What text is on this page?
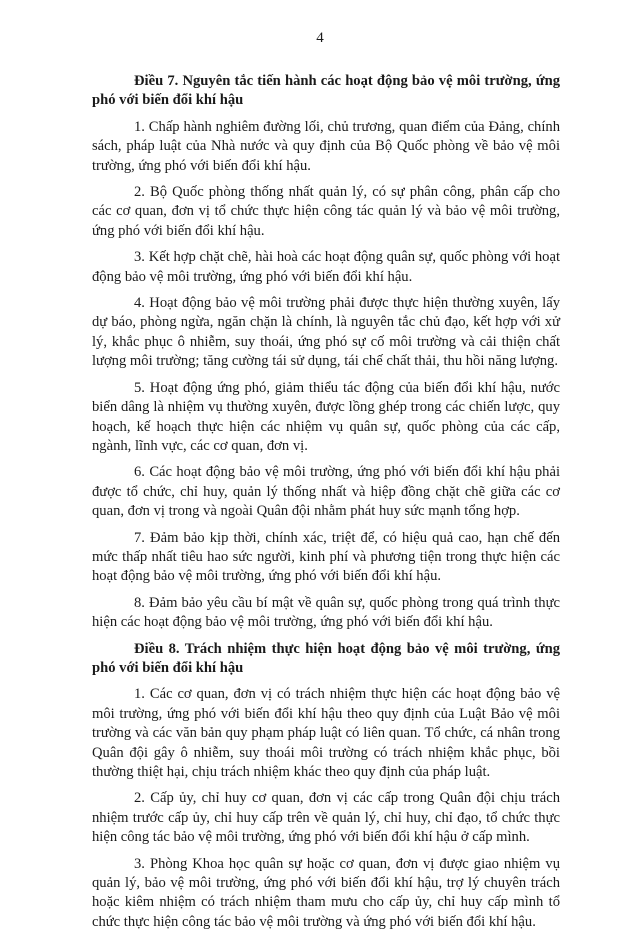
4

Điều 7. Nguyên tắc tiến hành các hoạt động bảo vệ môi trường, ứng phó với biến đổi khí hậu

1. Chấp hành nghiêm đường lối, chủ trương, quan điểm của Đảng, chính sách, pháp luật của Nhà nước và quy định của Bộ Quốc phòng về bảo vệ môi trường, ứng phó với biến đổi khí hậu.

2. Bộ Quốc phòng thống nhất quản lý, có sự phân công, phân cấp cho các cơ quan, đơn vị tổ chức thực hiện công tác quản lý và bảo vệ môi trường, ứng phó với biến đổi khí hậu.

3. Kết hợp chặt chẽ, hài hoà các hoạt động quân sự, quốc phòng với hoạt động bảo vệ môi trường, ứng phó với biến đổi khí hậu.

4. Hoạt động bảo vệ môi trường phải được thực hiện thường xuyên, lấy dự báo, phòng ngừa, ngăn chặn là chính, là nguyên tắc chủ đạo, kết hợp với xử lý, khắc phục ô nhiễm, suy thoái, ứng phó sự cố môi trường và cải thiện chất lượng môi trường; tăng cường tái sử dụng, tái chế chất thải, thu hồi năng lượng.

5. Hoạt động ứng phó, giảm thiểu tác động của biến đổi khí hậu, nước biển dâng là nhiệm vụ thường xuyên, được lồng ghép trong các chiến lược, quy hoạch, kế hoạch thực hiện các nhiệm vụ quân sự, quốc phòng của các cấp, ngành, lĩnh vực, các cơ quan, đơn vị.

6. Các hoạt động bảo vệ môi trường, ứng phó với biến đổi khí hậu phải được tổ chức, chỉ huy, quản lý thống nhất và hiệp đồng chặt chẽ giữa các cơ quan, đơn vị trong và ngoài Quân đội nhằm phát huy sức mạnh tổng hợp.

7. Đảm bảo kịp thời, chính xác, triệt để, có hiệu quả cao, hạn chế đến mức thấp nhất tiêu hao sức người, kinh phí và phương tiện trong thực hiện các hoạt động bảo vệ môi trường, ứng phó với biến đổi khí hậu.

8. Đảm bảo yêu cầu bí mật về quân sự, quốc phòng trong quá trình thực hiện các hoạt động bảo vệ môi trường, ứng phó với biến đổi khí hậu.

Điều 8. Trách nhiệm thực hiện hoạt động bảo vệ môi trường, ứng phó với biến đổi khí hậu

1. Các cơ quan, đơn vị có trách nhiệm thực hiện các hoạt động bảo vệ môi trường, ứng phó với biến đổi khí hậu theo quy định của Luật Bảo vệ môi trường và các văn bản quy phạm pháp luật có liên quan. Tổ chức, cá nhân trong Quân đội gây ô nhiễm, suy thoái môi trường có trách nhiệm khắc phục, bồi thường thiệt hại, chịu trách nhiệm khác theo quy định của pháp luật.

2. Cấp ủy, chỉ huy cơ quan, đơn vị các cấp trong Quân đội chịu trách nhiệm trước cấp ủy, chỉ huy cấp trên về quản lý, chỉ huy, chỉ đạo, tổ chức thực hiện công tác bảo vệ môi trường, ứng phó với biến đổi khí hậu ở cấp mình.

3. Phòng Khoa học quân sự hoặc cơ quan, đơn vị được giao nhiệm vụ quản lý, bảo vệ môi trường, ứng phó với biến đổi khí hậu, trợ lý chuyên trách hoặc kiêm nhiệm có trách nhiệm tham mưu cho cấp ủy, chỉ huy cấp mình tổ chức thực hiện công tác bảo vệ môi trường và ứng phó với biến đổi khí hậu.
